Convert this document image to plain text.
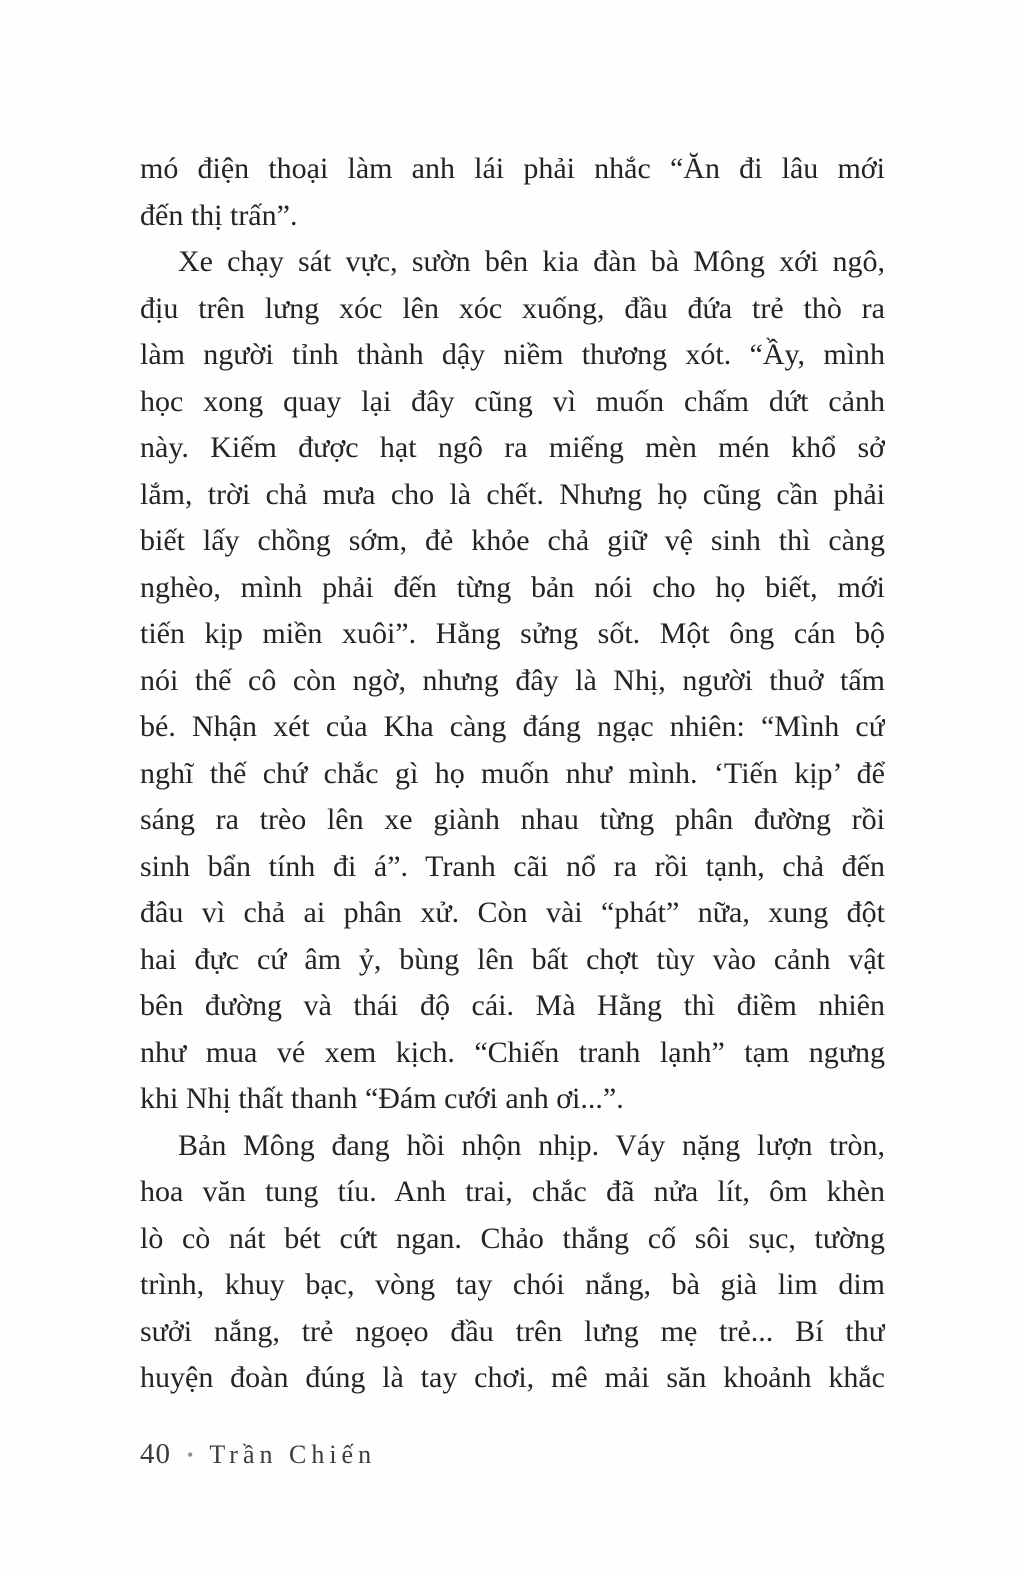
mó điện thoại làm anh lái phải nhắc “Ăn đi lâu mới

đến thị trấn”.

Xe chạy sát vực, sườn bên kia đàn bà Mông xới ngô,

địu trên lưng xóc lên xóc xuống, đầu đứa trẻ thò ra

làm người tỉnh thành dậy niềm thương xót. “Ầy, mình

học xong quay lại đây cũng vì muốn chấm dứt cảnh

này. Kiếm được hạt ngô ra miếng mèn mén khổ sở

lắm, trời chả mưa cho là chết. Nhưng họ cũng cần phải

biết lấy chồng sớm, đẻ khỏe chả giữ vệ sinh thì càng

nghèo, mình phải đến từng bản nói cho họ biết, mới

tiến kịp miền xuôi”. Hằng sửng sốt. Một ông cán bộ

nói thế cô còn ngờ, nhưng đây là Nhị, người thuở tấm

bé. Nhận xét của Kha càng đáng ngạc nhiên: “Mình cứ

nghĩ thế chứ chắc gì họ muốn như mình. ‘Tiến kịp’ để

sáng ra trèo lên xe giành nhau từng phân đường rồi

sinh bẩn tính đi á”. Tranh cãi nổ ra rồi tạnh, chả đến

đâu vì chả ai phân xử. Còn vài “phát” nữa, xung đột

hai đực cứ âm ỷ, bùng lên bất chợt tùy vào cảnh vật

bên đường và thái độ cái. Mà Hằng thì điềm nhiên

như mua vé xem kịch. “Chiến tranh lạnh” tạm ngưng

khi Nhị thất thanh “Đám cưới anh ơi...”.

Bản Mông đang hồi nhộn nhịp. Váy nặng lượn tròn,

hoa văn tung tíu. Anh trai, chắc đã nửa lít, ôm khèn

lò cò nát bét cứt ngan. Chảo thắng cố sôi sục, tường

trình, khuy bạc, vòng tay chói nắng, bà già lim dim

sưởi nắng, trẻ ngoẹo đầu trên lưng mẹ trẻ... Bí thư

huyện đoàn đúng là tay chơi, mê mải săn khoảnh khắc

40 • Trần Chiến
